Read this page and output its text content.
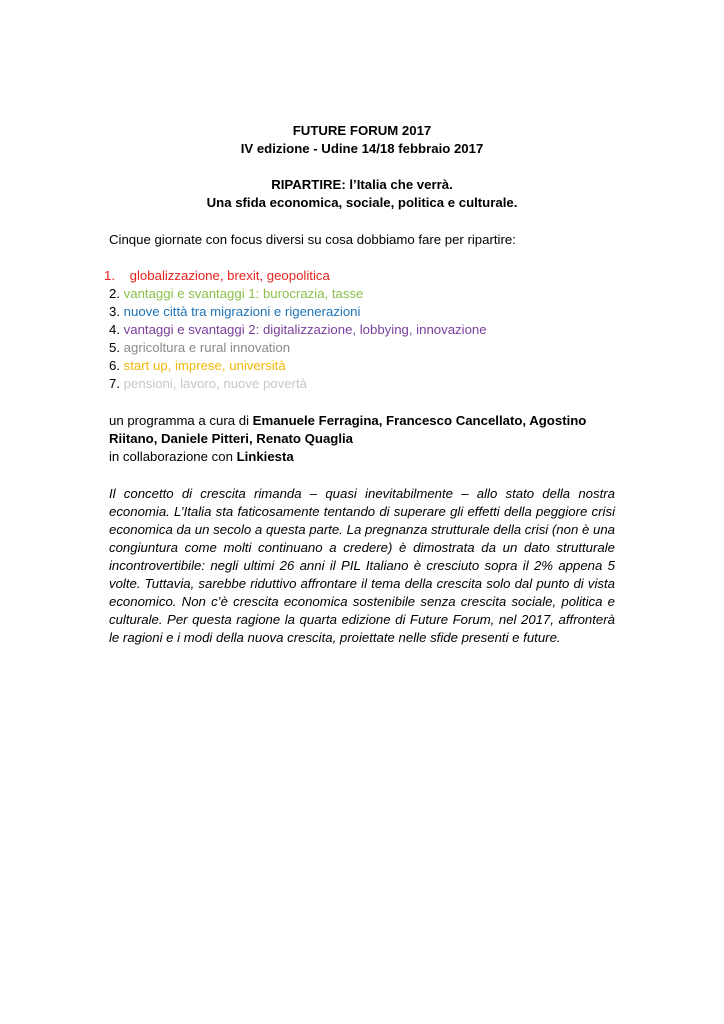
FUTURE FORUM 2017
IV edizione - Udine 14/18 febbraio 2017
RIPARTIRE: l’Italia che verrà.
Una sfida economica, sociale, politica e culturale.
Cinque giornate con focus diversi su cosa dobbiamo fare per ripartire:
1. globalizzazione, brexit, geopolitica
2. vantaggi e svantaggi 1: burocrazia, tasse
3. nuove città tra migrazioni e rigenerazioni
4. vantaggi e svantaggi 2: digitalizzazione, lobbying, innovazione
5. agricoltura e rural innovation
6. start up, imprese, università
7. pensioni, lavoro, nuove povertà
un programma a cura di Emanuele Ferragina, Francesco Cancellato, Agostino Riitano, Daniele Pitteri, Renato Quaglia
in collaborazione con Linkiesta
Il concetto di crescita rimanda – quasi inevitabilmente – allo stato della nostra economia. L’Italia sta faticosamente tentando di superare gli effetti della peggiore crisi economica da un secolo a questa parte. La pregnanza strutturale della crisi (non è una congiuntura come molti continuano a credere) è dimostrata da un dato strutturale incontrovertibile: negli ultimi 26 anni il PIL Italiano è cresciuto sopra il 2% appena 5 volte. Tuttavia, sarebbe riduttivo affrontare il tema della crescita solo dal punto di vista economico. Non c’è crescita economica sostenibile senza crescita sociale, politica e culturale. Per questa ragione la quarta edizione di Future Forum, nel 2017, affronterà le ragioni e i modi della nuova crescita, proiettate nelle sfide presenti e future.
